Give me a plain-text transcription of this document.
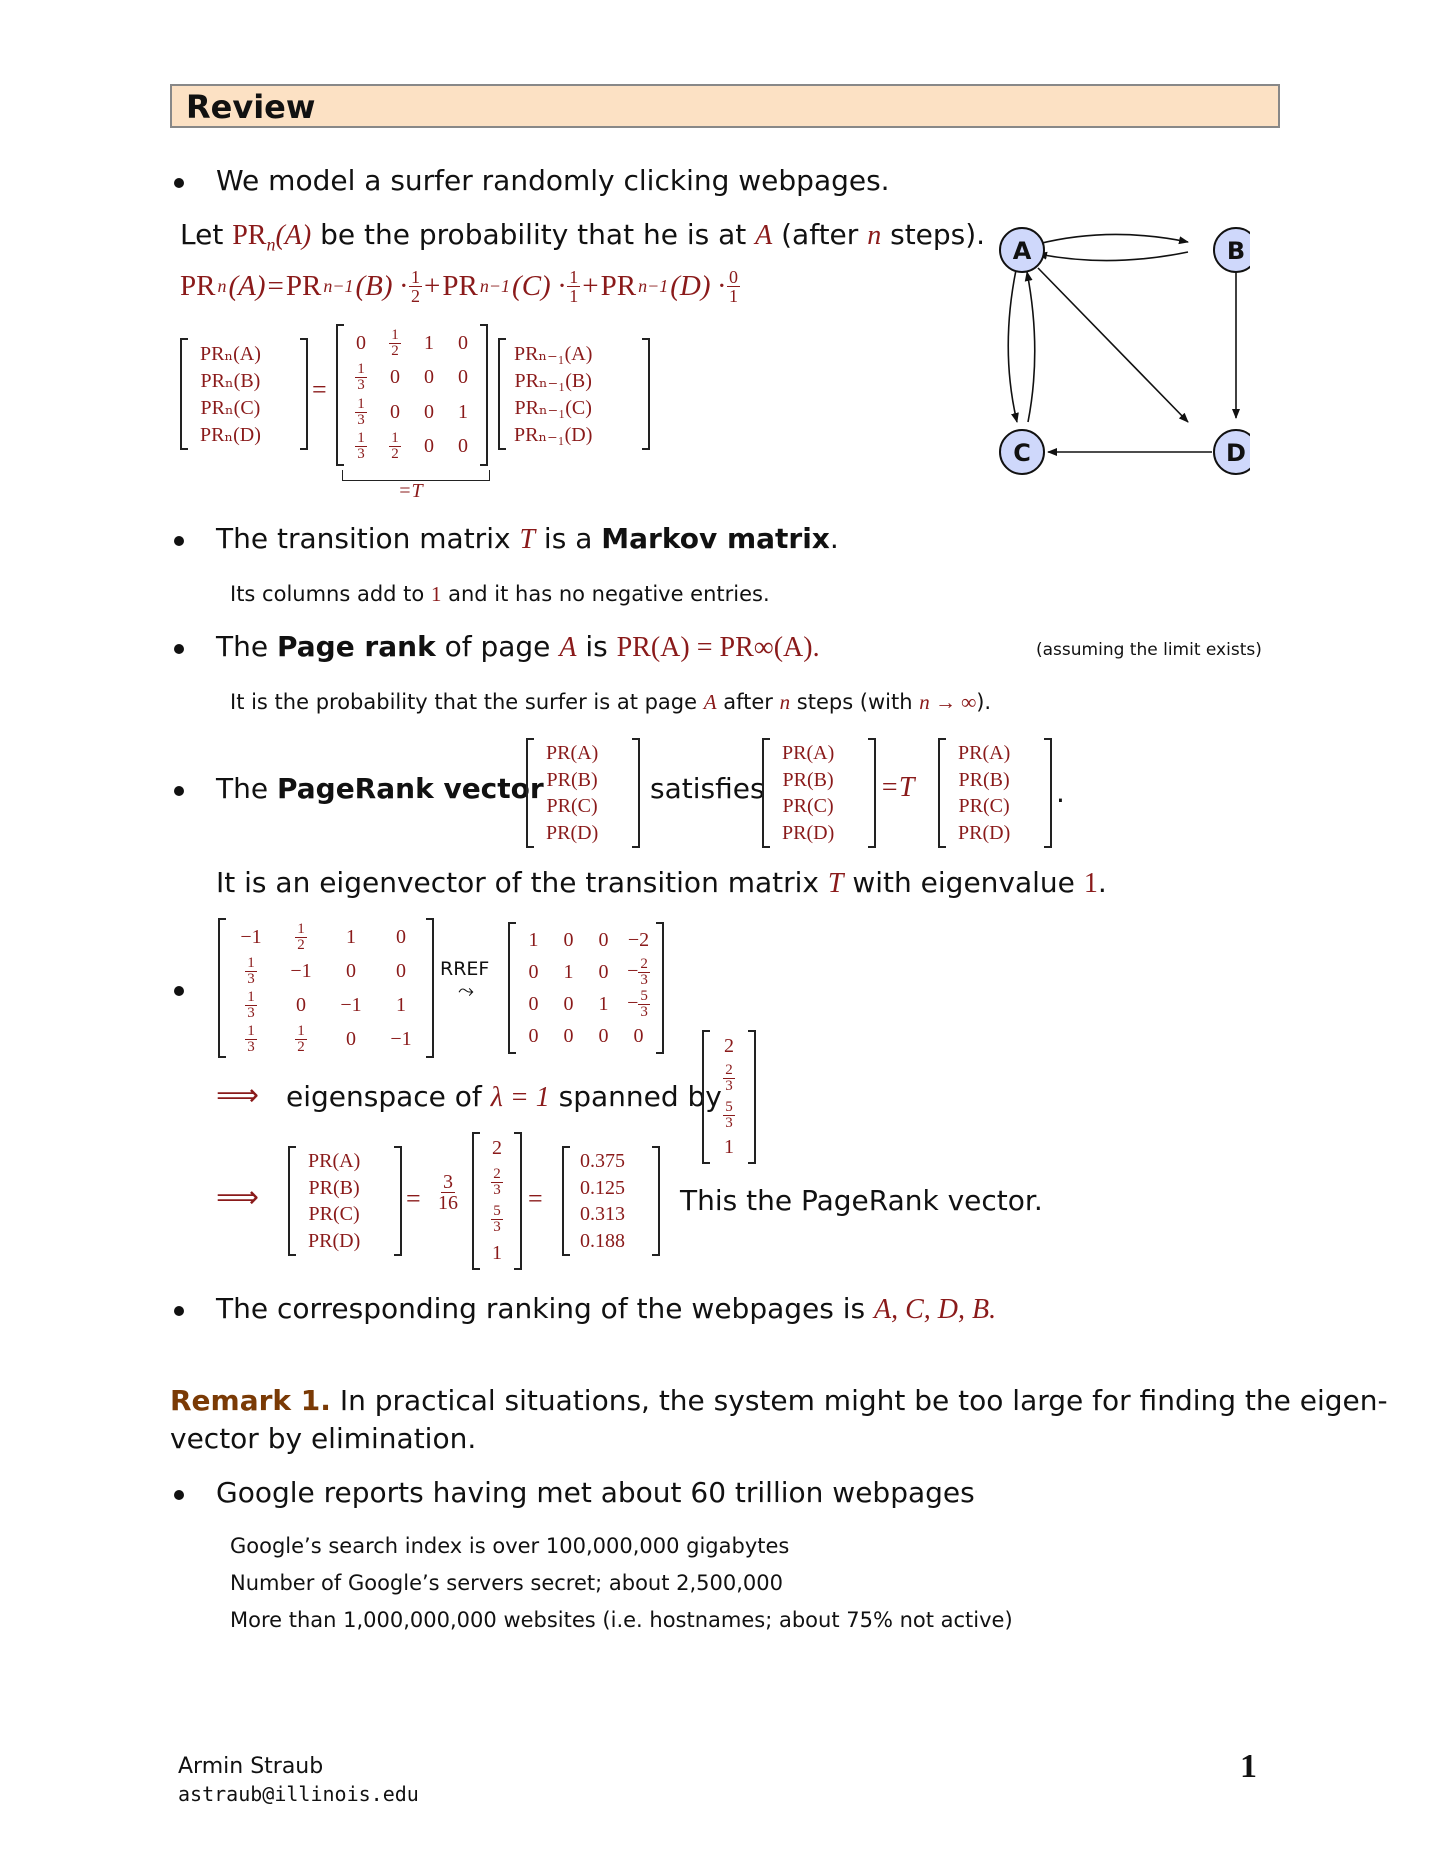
Review
We model a surfer randomly clicking webpages.
Let $PR_n(A)$ be the probability that he is at A (after n steps).
PR n (A) = PR n−1 $(B) \cdot \frac{1}{2}$ + PR n−1 $(C) \cdot \frac{1}{1}$ + PR n−1 $(D) \cdot \frac{0}{1}$
PRₙ(A)
PRₙ(B)
PRₙ(C)
PRₙ(D)
=
$0 \frac{1}{2} 1$ 0
$\frac{1}{3} 0$ 0 0
$\frac{1}{3} 0$ 0 1
$\frac{1}{3} \frac{1}{2} 0$ 0
PRₙ₋₁(A)
PRₙ₋₁(B)
PRₙ₋₁(C)
PRₙ₋₁(D)
=T
A	B
C	D
The transition matrix T is a Markov matrix.
Its columns add to 1 and it has no negative entries.
The Page rank of page A is PR(A) = PR∞(A).	(assuming the limit exists)
It is the probability that the surfer is at page A after n steps (with n → ∞).
The PageRank vector
PR(A)
PR(B)
PR(C)
PR(D)
satisfies
PR(A)
PR(B)
PR(C)
PR(D)
=T
PR(A)
PR(B)
PR(C)
PR(D)
.
It is an eigenvector of the transition matrix T with eigenvalue 1.
$-1 \frac{1}{2} 1$ 0
$\frac{1}{3} -1$ 0 0
$\frac{1}{3} 0 -1$ 1
$\frac{1}{3}$	$\frac{1}{2} 0 -1$
RREF
⤳
1 0 0 −2
0 1 $0 - \frac{2}{3}$
0 0 $1 - \frac{5}{3}$
0 0 0 0
⟹ eigenspace of λ = 1 spanned by
2
$\frac{2}{3}$
$\frac{5}{3}$
1
⟹
PR(A)
PR(B)
PR(C)
PR(D)
= $\frac{3}{16}$
2
$\frac{2}{3}$
$\frac{5}{3}$
1
=
0.375
0.125
0.313
0.188
This the PageRank vector.
The corresponding ranking of the webpages is A, C, D, B.
Remark 1. In practical situations, the system might be too large for finding the eigen-
vector by elimination.
Google reports having met about 60 trillion webpages
Google’s search index is over 100,000,000 gigabytes
Number of Google’s servers secret; about 2,500,000
More than 1,000,000,000 websites (i.e. hostnames; about 75% not active)
Armin Straub
astraub@illinois.edu
1
